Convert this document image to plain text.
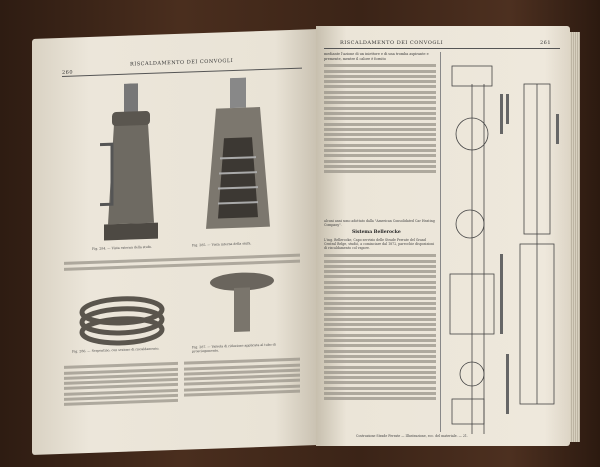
260
RISCALDAMENTO DEI CONVOGLI
Fig. 284. — Vista esterna della stufa.
Fig. 285. — Vista interna della stufa.
Fig. 286. — Serpentino, con sezione di riscaldamento.
Fig. 287. — Valvola di riduzione applicata al tubo di prosciugamento.
RISCALDAMENTO DEI CONVOGLI	261
mediante l'azione di un iniettore e di una tromba aspirante e premente, mentre il calore è fornito
alcuni anni sono adottato dalla "American Consolidated Car Heating Company".
Sistema Bellerocke
L'ing. Bellerocke, Capo servizio delle Strade Ferrate del Grand Central Belge, studiò, a cominciare dal 1872, parecchie disposizioni di riscaldamento col vapore.
Costruzione Strade Ferrate — Illustrazione, ecc. del materiale. — 21.
